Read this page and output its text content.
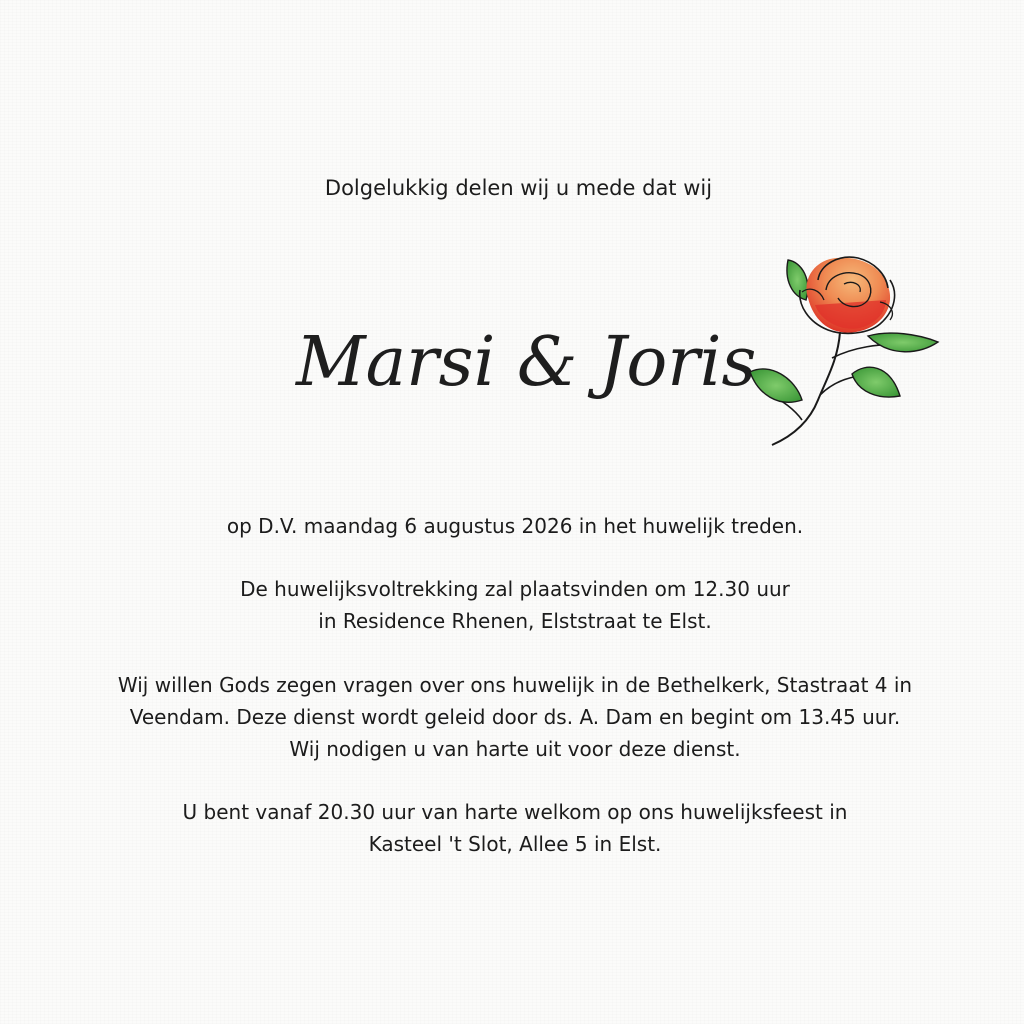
Dolgelukkig delen wij u mede dat wij
Marsi & Joris
op D.V. maandag 6 augustus 2026 in het huwelijk treden.
De huwelijksvoltrekking zal plaatsvinden om 12.30 uur
in Residence Rhenen, Elststraat te Elst.
Wij willen Gods zegen vragen over ons huwelijk in de Bethelkerk, Stastraat 4 in
Veendam. Deze dienst wordt geleid door ds. A. Dam en begint om 13.45 uur.
Wij nodigen u van harte uit voor deze dienst.
U bent vanaf 20.30 uur van harte welkom op ons huwelijksfeest in
Kasteel 't Slot, Allee 5 in Elst.
